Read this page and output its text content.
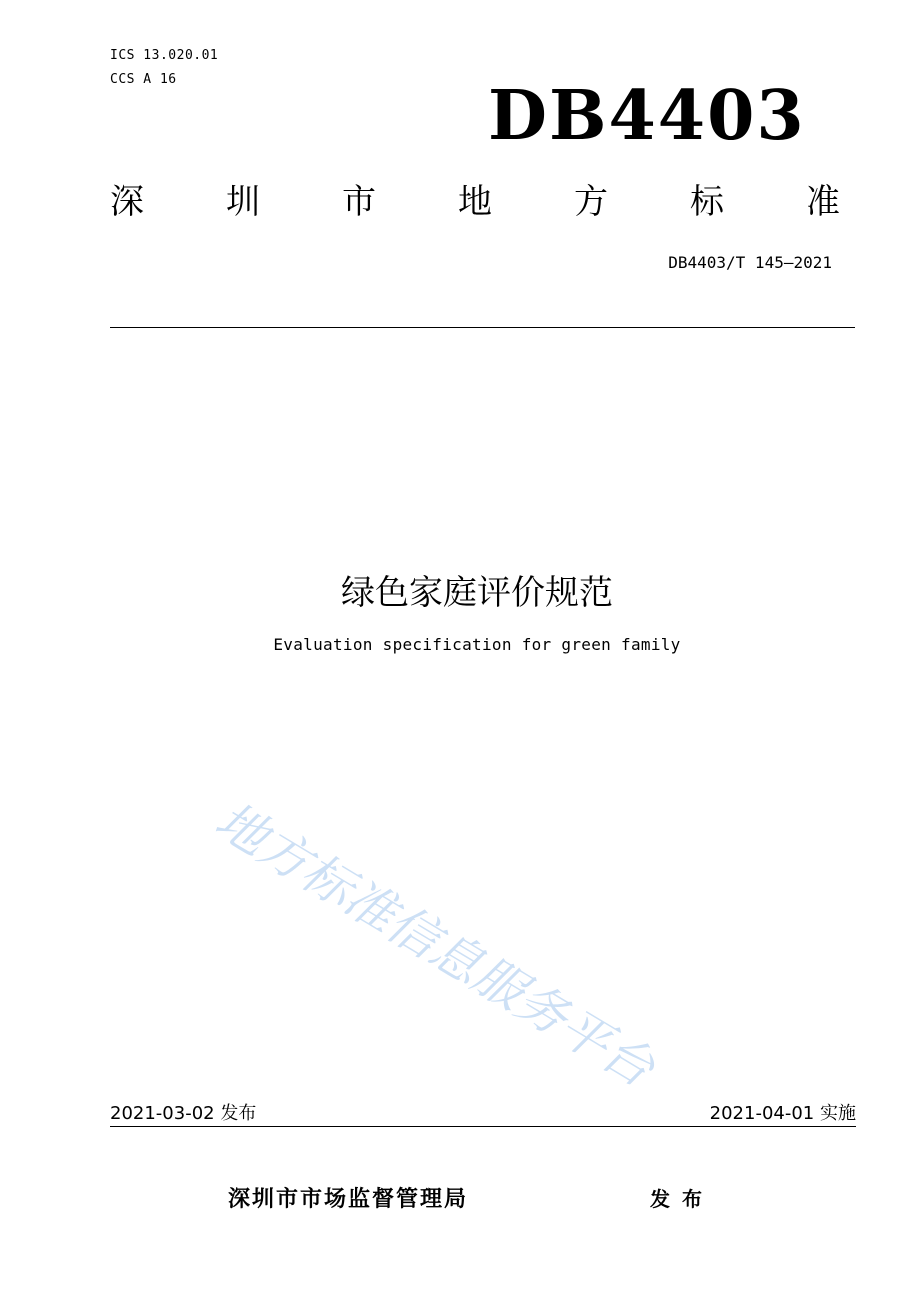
ICS 13.020.01
CCS A 16	DB4403
深 圳 市 地 方 标 准
DB4403/T 145—2021
绿色家庭评价规范
Evaluation specification for green family
地方标准信息服务平台
2021-03-02 发布	2021-04-01 实施
深圳市市场监督管理局	发布
